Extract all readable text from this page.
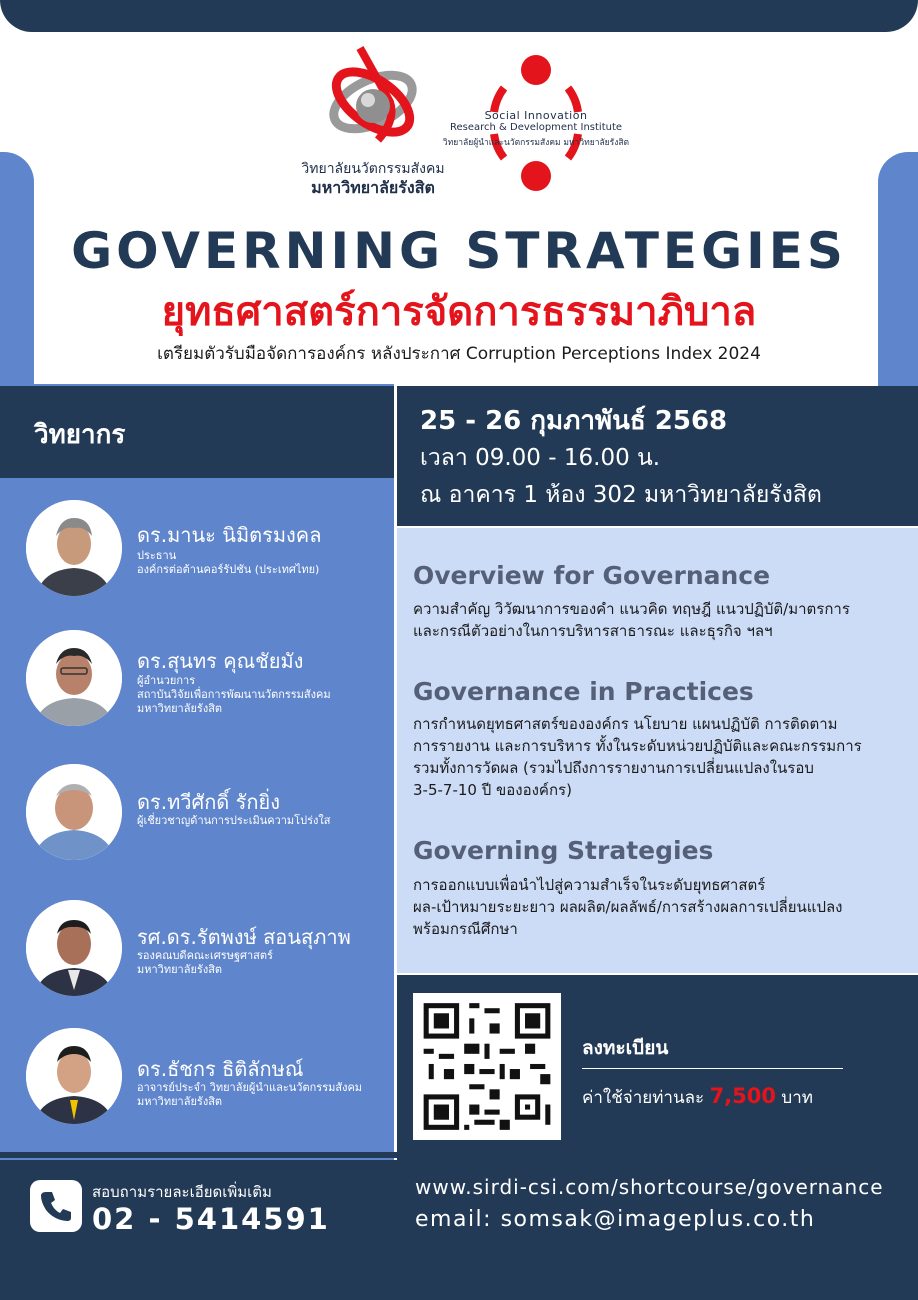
วิทยาลัยนวัตกรรมสังคม
มหาวิทยาลัยรังสิต
Social Innovation
Research & Development Institute
วิทยาลัยผู้นำและนวัตกรรมสังคม มหาวิทยาลัยรังสิต
GOVERNING STRATEGIES
ยุทธศาสตร์การจัดการธรรมาภิบาล
เตรียมตัวรับมือจัดการองค์กร หลังประกาศ Corruption Perceptions Index 2024
วิทยากร
ดร.มานะ นิมิตรมงคล
ประธาน
องค์กรต่อต้านคอร์รัปชัน (ประเทศไทย)
ดร.สุนทร คุณชัยมัง
ผู้อำนวยการ
สถาบันวิจัยเพื่อการพัฒนานวัตกรรมสังคม
มหาวิทยาลัยรังสิต
ดร.ทวีศักดิ์ รักยิ่ง
ผู้เชี่ยวชาญด้านการประเมินความโปร่งใส
รศ.ดร.รัตพงษ์ สอนสุภาพ
รองคณบดีคณะเศรษฐศาสตร์
มหาวิทยาลัยรังสิต
ดร.ธัชกร ธิติลักษณ์
อาจารย์ประจำ วิทยาลัยผู้นำและนวัตกรรมสังคม
มหาวิทยาลัยรังสิต
25 - 26 กุมภาพันธ์ 2568
เวลา 09.00 - 16.00 น.
ณ อาคาร 1 ห้อง 302 มหาวิทยาลัยรังสิต
Overview for Governance
ความสำคัญ วิวัฒนาการของคำ แนวคิด ทฤษฎี แนวปฏิบัติ/มาตรการ
และกรณีตัวอย่างในการบริหารสาธารณะ และธุรกิจ ฯลฯ
Governance in Practices
การกำหนดยุทธศาสตร์ขององค์กร นโยบาย แผนปฏิบัติ การติดตาม
การรายงาน และการบริหาร ทั้งในระดับหน่วยปฏิบัติและคณะกรรมการ
รวมทั้งการวัดผล (รวมไปถึงการรายงานการเปลี่ยนแปลงในรอบ
3-5-7-10 ปี ขององค์กร)
Governing Strategies
การออกแบบเพื่อนำไปสู่ความสำเร็จในระดับยุทธศาสตร์
ผล-เป้าหมายระยะยาว ผลผลิต/ผลลัพธ์/การสร้างผลการเปลี่ยนแปลง
พร้อมกรณีศึกษา
ลงทะเบียน
ค่าใช้จ่ายท่านละ 7,500 บาท
สอบถามรายละเอียดเพิ่มเติม
02 - 5414591
www.sirdi-csi.com/shortcourse/governance
email: somsak@imageplus.co.th
